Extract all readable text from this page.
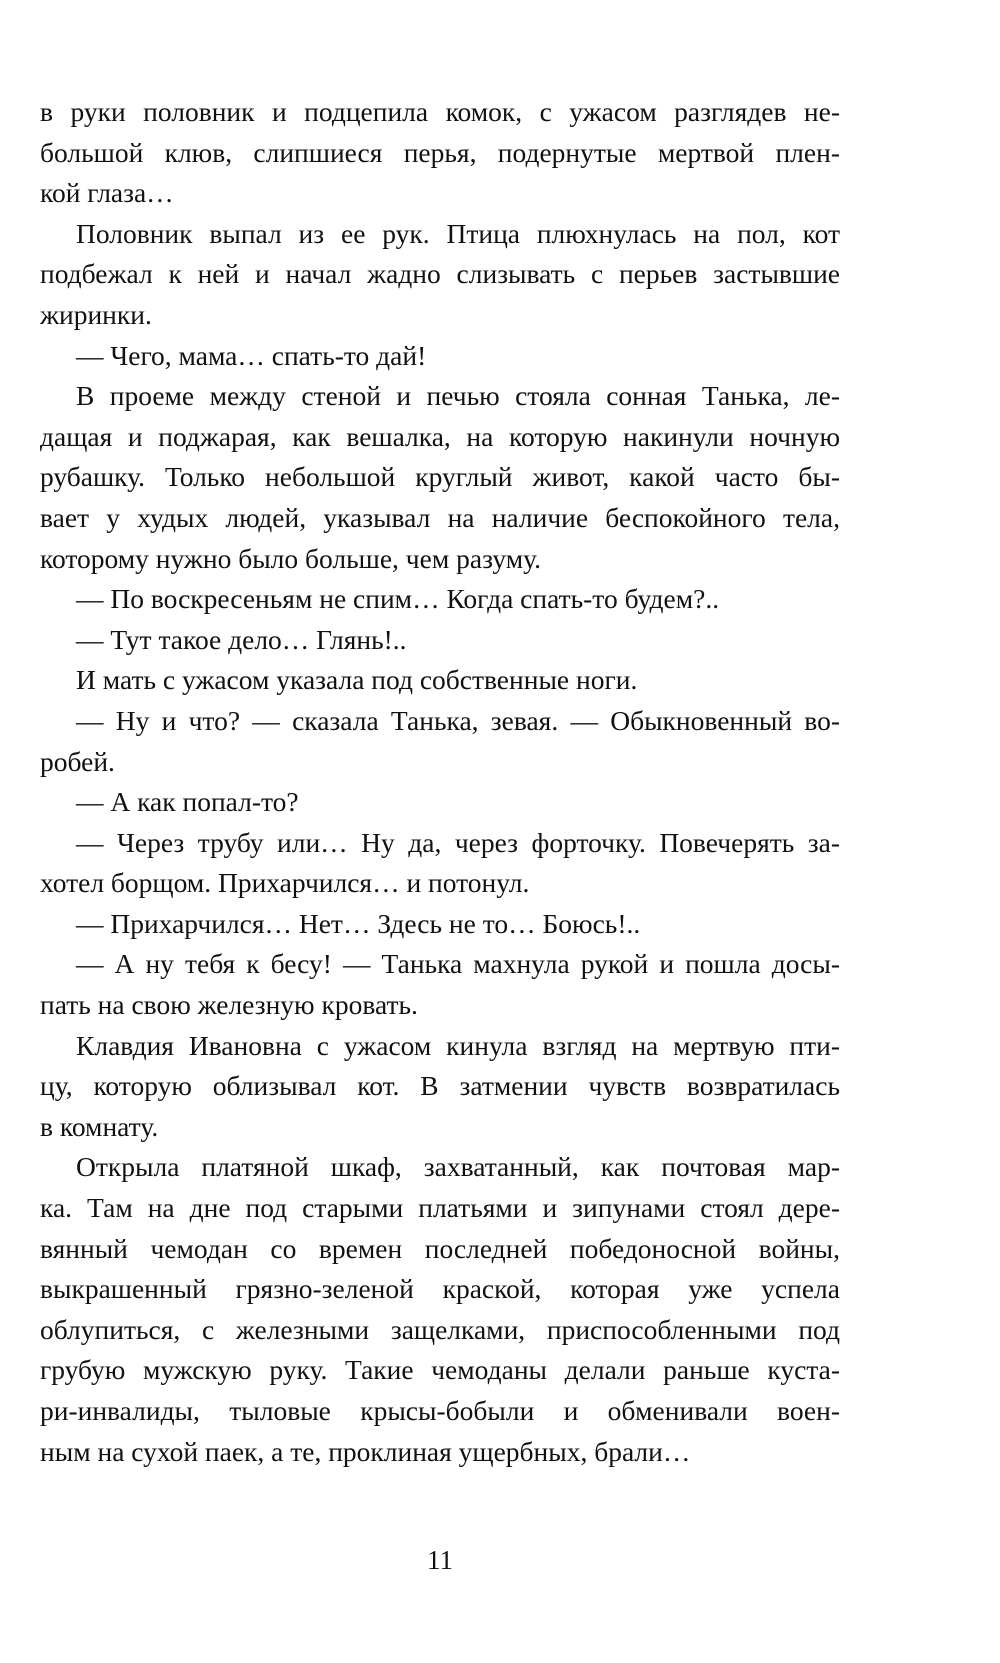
в руки половник и подцепила комок, с ужасом разглядев не-
большой клюв, слипшиеся перья, подернутые мертвой плен-
кой глаза…
Половник выпал из ее рук. Птица плюхнулась на пол, кот
подбежал к ней и начал жадно слизывать с перьев застывшие
жиринки.
— Чего, мама… спать-то дай!
В проеме между стеной и печью стояла сонная Танька, ле-
дащая и поджарая, как вешалка, на которую накинули ночную
рубашку. Только небольшой круглый живот, какой часто бы-
вает у худых людей, указывал на наличие беспокойного тела,
которому нужно было больше, чем разуму.
— По воскресеньям не спим… Когда спать-то будем?..
— Тут такое дело… Глянь!..
И мать с ужасом указала под собственные ноги.
— Ну и что? — сказала Танька, зевая. — Обыкновенный во-
робей.
— А как попал-то?
— Через трубу или… Ну да, через форточку. Повечерять за-
хотел борщом. Прихарчился… и потонул.
— Прихарчился… Нет… Здесь не то… Боюсь!..
— А ну тебя к бесу! — Танька махнула рукой и пошла досы-
пать на свою железную кровать.
Клавдия Ивановна с ужасом кинула взгляд на мертвую пти-
цу, которую облизывал кот. В затмении чувств возвратилась
в комнату.
Открыла платяной шкаф, захватанный, как почтовая мар-
ка. Там на дне под старыми платьями и зипунами стоял дере-
вянный чемодан со времен последней победоносной войны,
выкрашенный грязно-зеленой краской, которая уже успела
облупиться, с железными защелками, приспособленными под
грубую мужскую руку. Такие чемоданы делали раньше куста-
ри-инвалиды, тыловые крысы-бобыли и обменивали воен-
ным на сухой паек, а те, проклиная ущербных, брали…
11
